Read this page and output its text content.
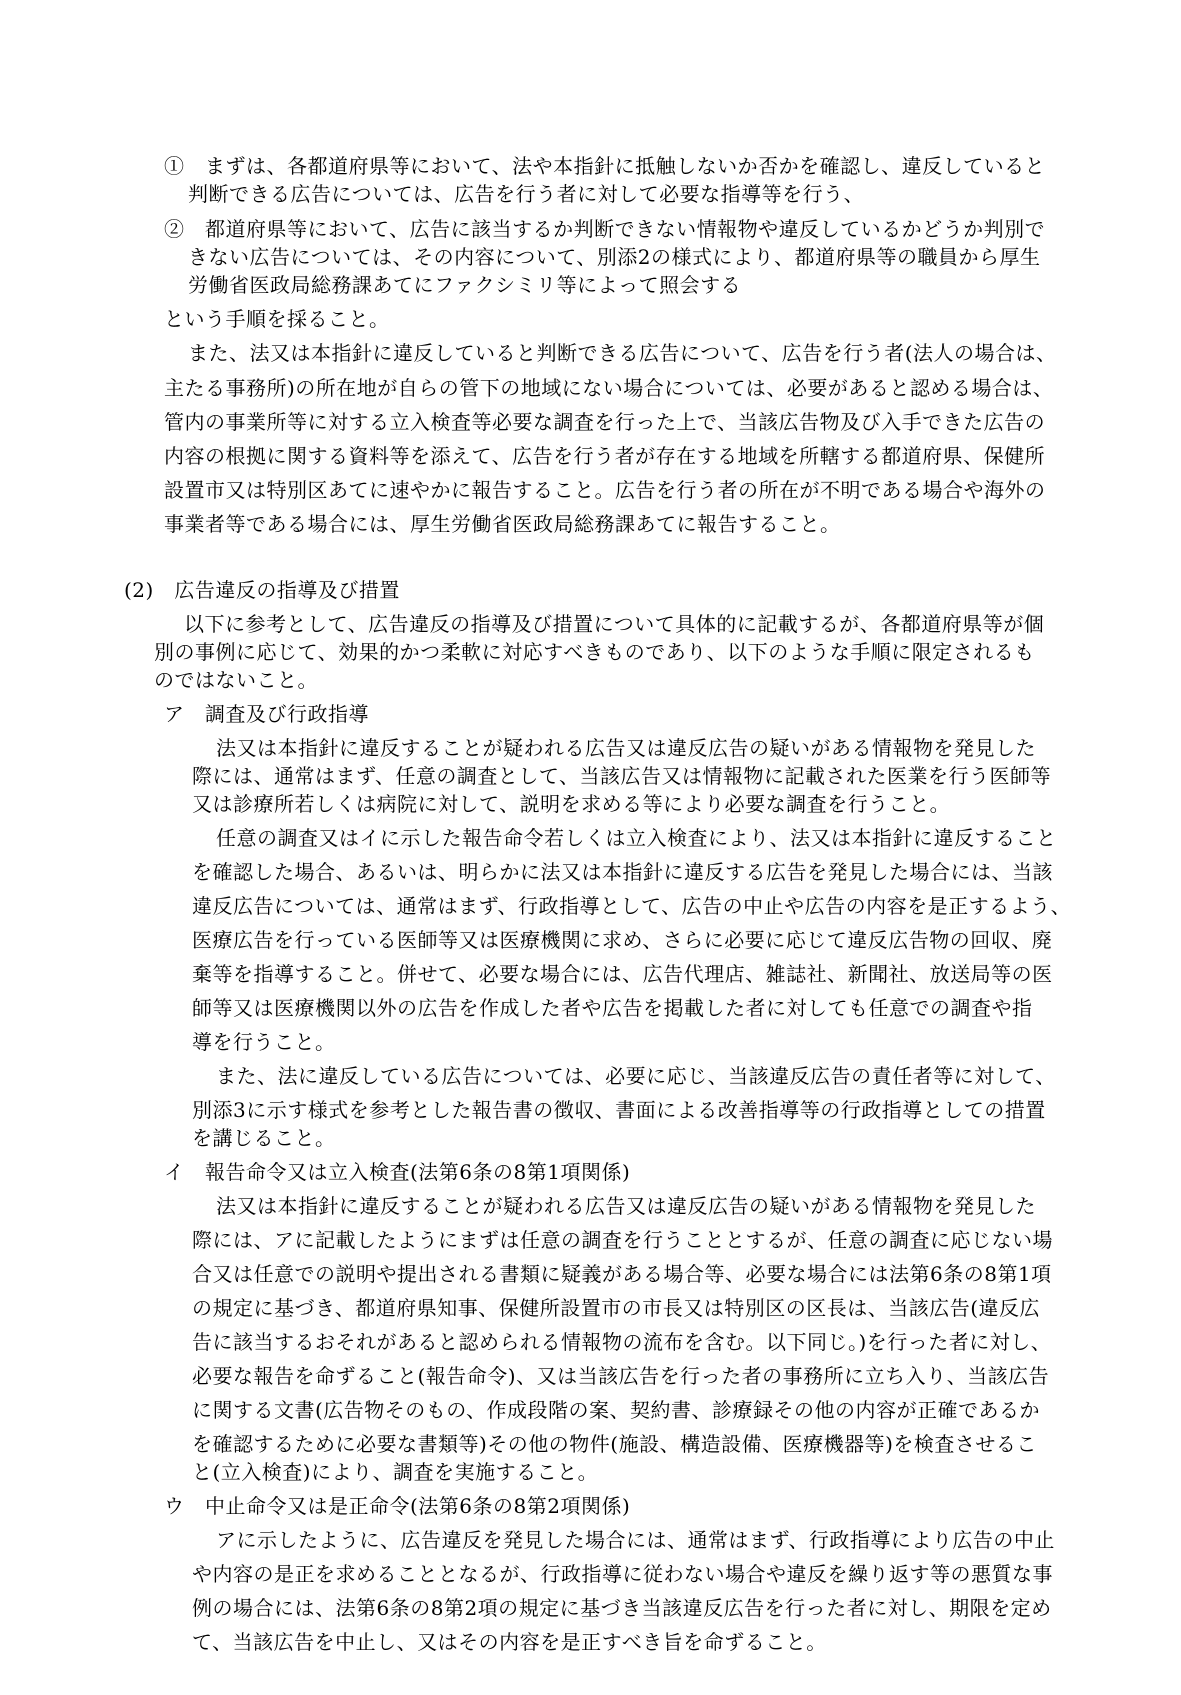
①　まずは、各都道府県等において、法や本指針に抵触しないか否かを確認し、違反していると
判断できる広告については、広告を行う者に対して必要な指導等を行う、
②　都道府県等において、広告に該当するか判断できない情報物や違反しているかどうか判別で
きない広告については、その内容について、別添2の様式により、都道府県等の職員から厚生
労働省医政局総務課あてにファクシミリ等によって照会する
という手順を採ること。
また、法又は本指針に違反していると判断できる広告について、広告を行う者(法人の場合は、
主たる事務所)の所在地が自らの管下の地域にない場合については、必要があると認める場合は、
管内の事業所等に対する立入検査等必要な調査を行った上で、当該広告物及び入手できた広告の
内容の根拠に関する資料等を添えて、広告を行う者が存在する地域を所轄する都道府県、保健所
設置市又は特別区あてに速やかに報告すること。広告を行う者の所在が不明である場合や海外の
事業者等である場合には、厚生労働省医政局総務課あてに報告すること。
(2)　広告違反の指導及び措置
以下に参考として、広告違反の指導及び措置について具体的に記載するが、各都道府県等が個
別の事例に応じて、効果的かつ柔軟に対応すべきものであり、以下のような手順に限定されるも
のではないこと。
ア　調査及び行政指導
法又は本指針に違反することが疑われる広告又は違反広告の疑いがある情報物を発見した
際には、通常はまず、任意の調査として、当該広告又は情報物に記載された医業を行う医師等
又は診療所若しくは病院に対して、説明を求める等により必要な調査を行うこと。
任意の調査又はイに示した報告命令若しくは立入検査により、法又は本指針に違反すること
を確認した場合、あるいは、明らかに法又は本指針に違反する広告を発見した場合には、当該
違反広告については、通常はまず、行政指導として、広告の中止や広告の内容を是正するよう、
医療広告を行っている医師等又は医療機関に求め、さらに必要に応じて違反広告物の回収、廃
棄等を指導すること。併せて、必要な場合には、広告代理店、雑誌社、新聞社、放送局等の医
師等又は医療機関以外の広告を作成した者や広告を掲載した者に対しても任意での調査や指
導を行うこと。
また、法に違反している広告については、必要に応じ、当該違反広告の責任者等に対して、
別添3に示す様式を参考とした報告書の徴収、書面による改善指導等の行政指導としての措置
を講じること。
イ　報告命令又は立入検査(法第6条の8第1項関係)
法又は本指針に違反することが疑われる広告又は違反広告の疑いがある情報物を発見した
際には、アに記載したようにまずは任意の調査を行うこととするが、任意の調査に応じない場
合又は任意での説明や提出される書類に疑義がある場合等、必要な場合には法第6条の8第1項
の規定に基づき、都道府県知事、保健所設置市の市長又は特別区の区長は、当該広告(違反広
告に該当するおそれがあると認められる情報物の流布を含む。以下同じ。)を行った者に対し、
必要な報告を命ずること(報告命令)、又は当該広告を行った者の事務所に立ち入り、当該広告
に関する文書(広告物そのもの、作成段階の案、契約書、診療録その他の内容が正確であるか
を確認するために必要な書類等)その他の物件(施設、構造設備、医療機器等)を検査させるこ
と(立入検査)により、調査を実施すること。
ウ　中止命令又は是正命令(法第6条の8第2項関係)
アに示したように、広告違反を発見した場合には、通常はまず、行政指導により広告の中止
や内容の是正を求めることとなるが、行政指導に従わない場合や違反を繰り返す等の悪質な事
例の場合には、法第6条の8第2項の規定に基づき当該違反広告を行った者に対し、期限を定め
て、当該広告を中止し、又はその内容を是正すべき旨を命ずること。
